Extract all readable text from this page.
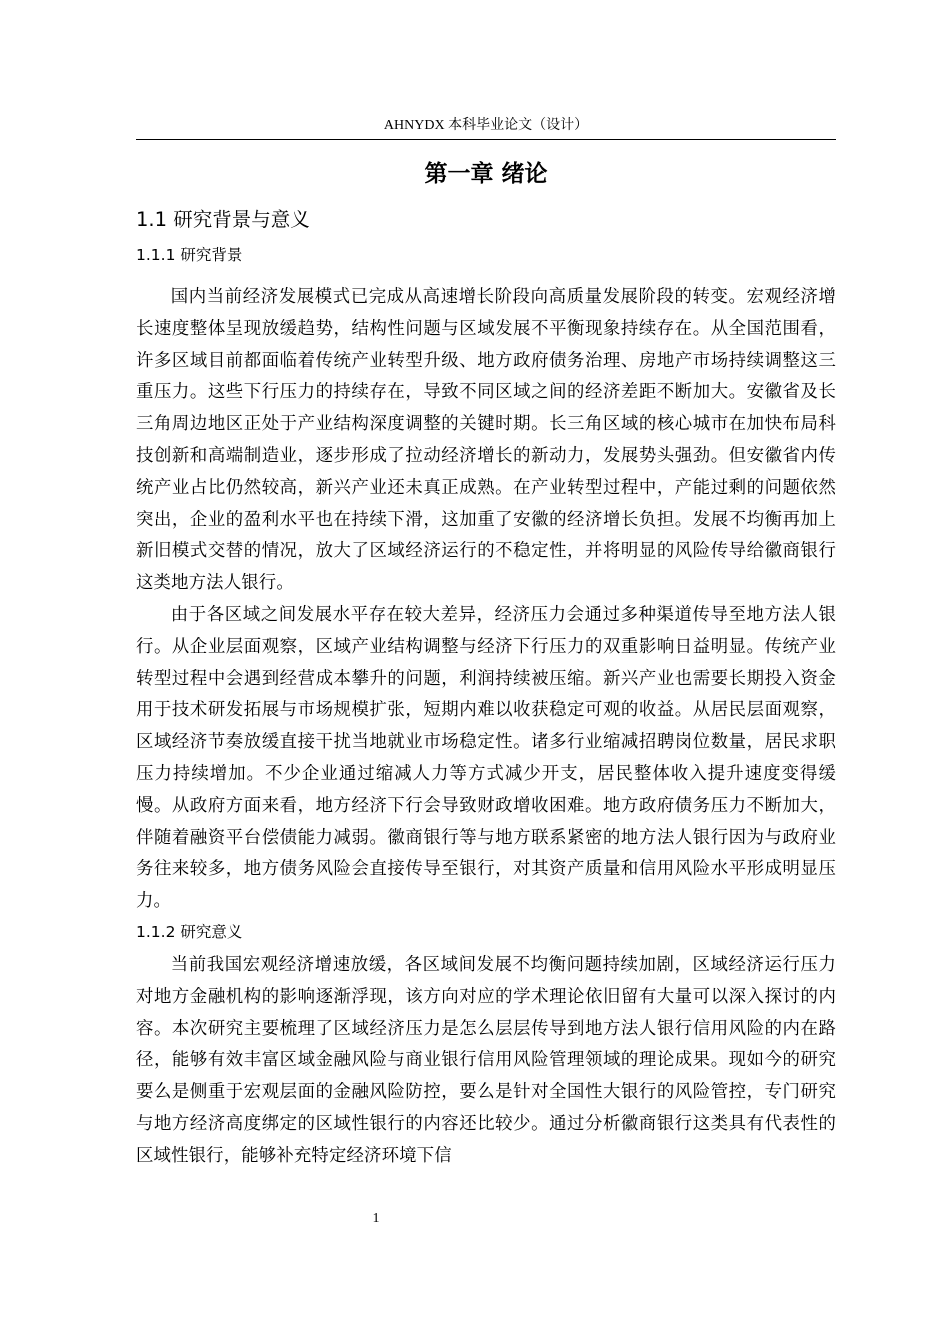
AHNYDX 本科毕业论文（设计）
第一章 绪论
1.1 研究背景与意义
1.1.1 研究背景

国内当前经济发展模式已完成从高速增长阶段向高质量发展阶段的转变。宏观经济增长速度整体呈现放缓趋势，结构性问题与区域发展不平衡现象持续存在。从全国范围看，许多区域目前都面临着传统产业转型升级、地方政府债务治理、房地产市场持续调整这三重压力。这些下行压力的持续存在，导致不同区域之间的经济差距不断加大。安徽省及长三角周边地区正处于产业结构深度调整的关键时期。长三角区域的核心城市在加快布局科技创新和高端制造业，逐步形成了拉动经济增长的新动力，发展势头强劲。但安徽省内传统产业占比仍然较高，新兴产业还未真正成熟。在产业转型过程中，产能过剩的问题依然突出，企业的盈利水平也在持续下滑，这加重了安徽的经济增长负担。发展不均衡再加上新旧模式交替的情况，放大了区域经济运行的不稳定性，并将明显的风险传导给徽商银行这类地方法人银行。

由于各区域之间发展水平存在较大差异，经济压力会通过多种渠道传导至地方法人银行。从企业层面观察，区域产业结构调整与经济下行压力的双重影响日益明显。传统产业转型过程中会遇到经营成本攀升的问题，利润持续被压缩。新兴产业也需要长期投入资金用于技术研发拓展与市场规模扩张，短期内难以收获稳定可观的收益。从居民层面观察，区域经济节奏放缓直接干扰当地就业市场稳定性。诸多行业缩减招聘岗位数量，居民求职压力持续增加。不少企业通过缩减人力等方式减少开支，居民整体收入提升速度变得缓慢。从政府方面来看，地方经济下行会导致财政增收困难。地方政府债务压力不断加大，伴随着融资平台偿债能力减弱。徽商银行等与地方联系紧密的地方法人银行因为与政府业务往来较多，地方债务风险会直接传导至银行，对其资产质量和信用风险水平形成明显压力。

1.1.2 研究意义

当前我国宏观经济增速放缓，各区域间发展不均衡问题持续加剧，区域经济运行压力对地方金融机构的影响逐渐浮现，该方向对应的学术理论依旧留有大量可以深入探讨的内容。本次研究主要梳理了区域经济压力是怎么层层传导到地方法人银行信用风险的内在路径，能够有效丰富区域金融风险与商业银行信用风险管理领域的理论成果。现如今的研究要么是侧重于宏观层面的金融风险防控，要么是针对全国性大银行的风险管控，专门研究与地方经济高度绑定的区域性银行的内容还比较少。通过分析徽商银行这类具有代表性的区域性银行，能够补充特定经济环境下信

1
